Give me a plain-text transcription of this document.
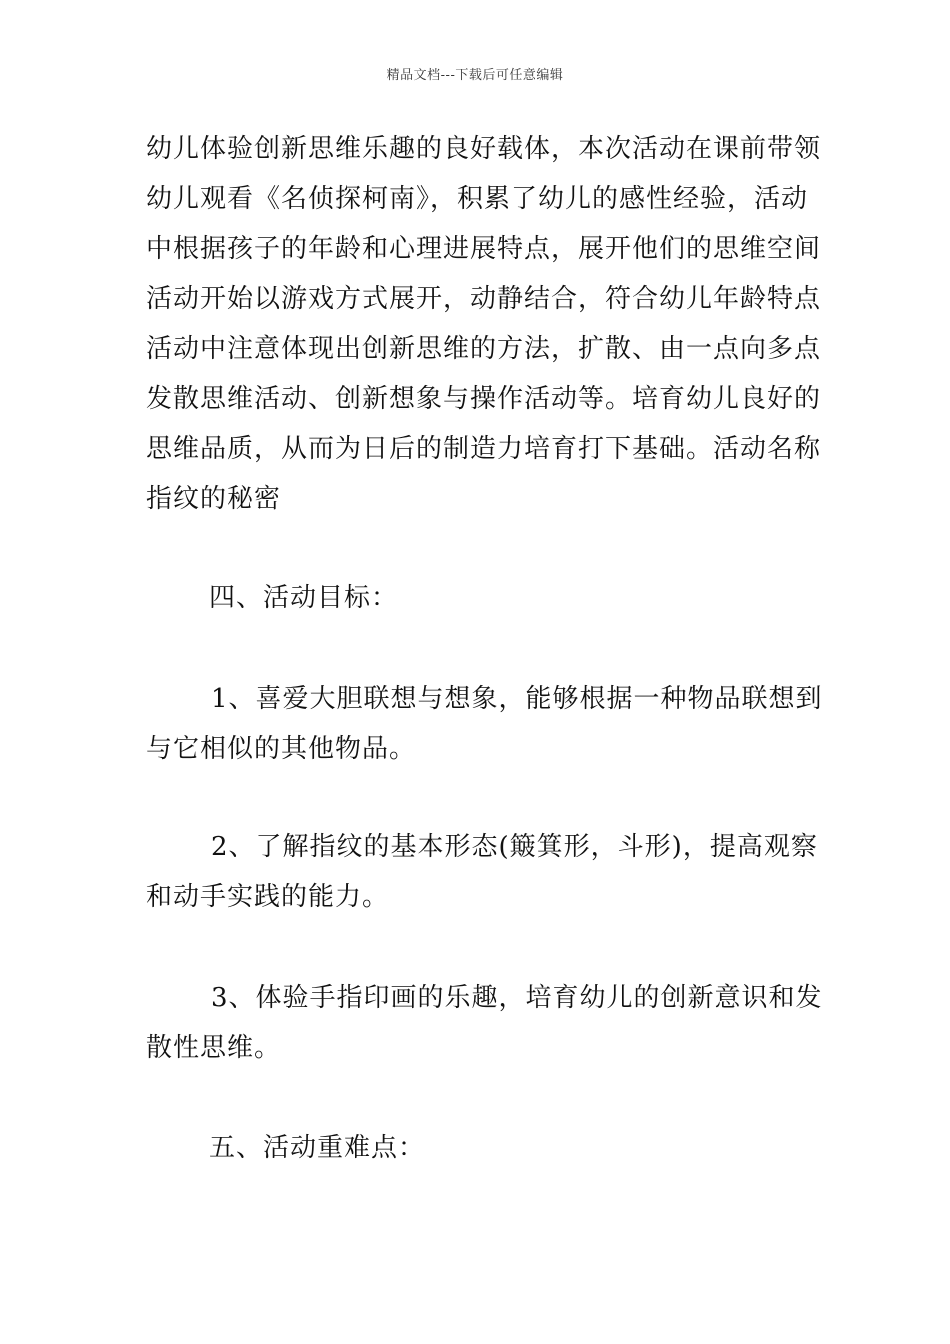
精品文档---下载后可任意编辑
幼儿体验创新思维乐趣的良好载体，本次活动在课前带领
幼儿观看《名侦探柯南》，积累了幼儿的感性经验，活动
中根据孩子的年龄和心理进展特点，展开他们的思维空间
活动开始以游戏方式展开，动静结合，符合幼儿年龄特点
活动中注意体现出创新思维的方法，扩散、由一点向多点
发散思维活动、创新想象与操作活动等。培育幼儿良好的
思维品质，从而为日后的制造力培育打下基础。活动名称
指纹的秘密
四、活动目标：
1、喜爱大胆联想与想象，能够根据一种物品联想到
与它相似的其他物品。
2、了解指纹的基本形态(簸箕形，斗形)，提高观察
和动手实践的能力。
3、体验手指印画的乐趣，培育幼儿的创新意识和发
散性思维。
五、活动重难点：
